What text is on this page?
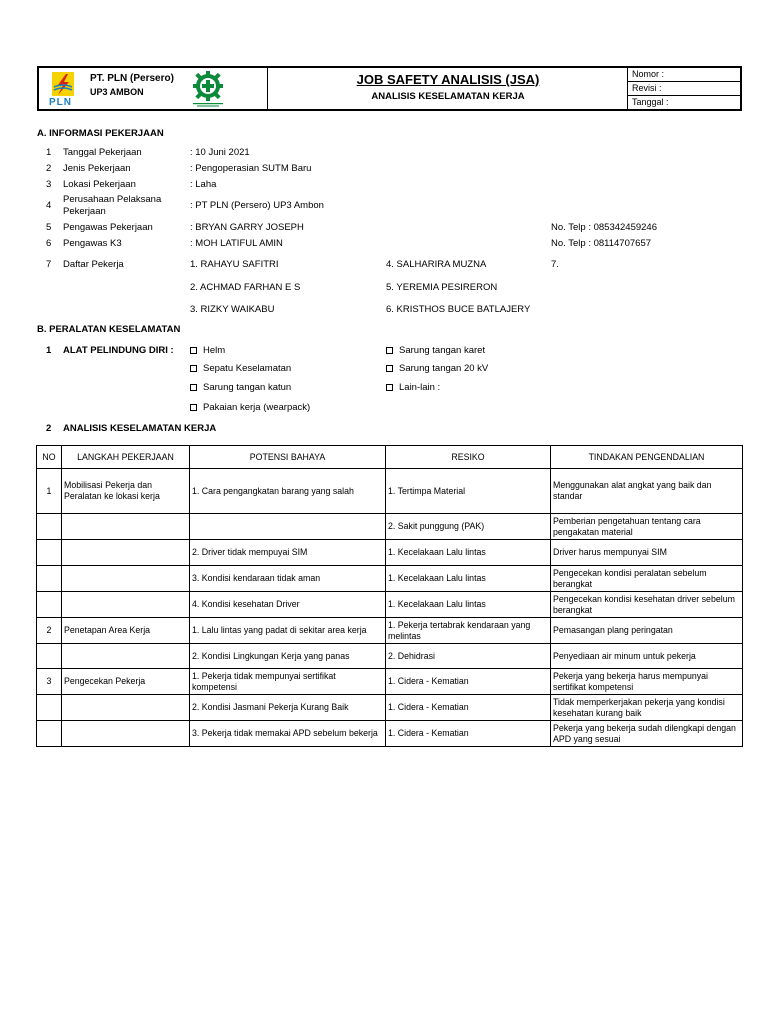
PLN
PT. PLN (Persero)
UP3 AMBON
JOB SAFETY ANALISIS (JSA)
ANALISIS KESELAMATAN KERJA
Nomor :
Revisi :
Tanggal :
A. INFORMASI PEKERJAAN
1 Tanggal Pekerjaan	: 10 Juni 2021
2 Jenis Pekerjaan	: Pengoperasian SUTM Baru
3 Lokasi Pekerjaan	: Laha
4
Perusahaan Pelaksana Pekerjaan
: PT PLN (Persero) UP3 Ambon
5 Pengawas Pekerjaan	: BRYAN GARRY JOSEPH	No. Telp : 085342459246
6 Pengawas K3	: MOH LATIFUL AMIN	No. Telp : 08114707657
7 Daftar Pekerja	1. RAHAYU SAFITRI
2. ACHMAD FARHAN E S
3. RIZKY WAIKABU
4. SALHARIRA MUZNA
5. YEREMIA PESIRERON
6. KRISTHOS BUCE BATLAJERY
7.
B. PERALATAN KESELAMATAN
1 ALAT PELINDUNG DIRI :	Helm
Sepatu Keselamatan
Sarung tangan katun
Pakaian kerja (wearpack)
Sarung tangan karet
Sarung tangan 20 kV
Lain-lain :
2 ANALISIS KESELAMATAN KERJA
NO	LANGKAH PEKERJAAN	POTENSI BAHAYA	RESIKO	TINDAKAN PENGENDALIAN
1	Mobilisasi Pekerja dan Peralatan ke lokasi kerja	1. Cara pengangkatan barang yang salah	1. Tertimpa Material	Menggunakan alat angkat yang baik dan standar
			2. Sakit punggung (PAK)	Pemberian pengetahuan tentang cara pengakatan material
		2. Driver tidak mempuyai SIM	1. Kecelakaan Lalu lintas	Driver harus mempunyai SIM
		3. Kondisi kendaraan tidak aman	1. Kecelakaan Lalu lintas	Pengecekan kondisi peralatan sebelum berangkat
		4. Kondisi kesehatan Driver	1. Kecelakaan Lalu lintas	Pengecekan kondisi kesehatan driver sebelum berangkat
2	Penetapan Area Kerja	1. Lalu lintas yang padat di sekitar area kerja	1. Pekerja tertabrak kendaraan yang melintas	Pemasangan plang peringatan
		2. Kondisi Lingkungan Kerja yang panas	2. Dehidrasi	Penyediaan air minum untuk pekerja
3	Pengecekan Pekerja	1. Pekerja tidak mempunyai sertifikat kompetensi	1. Cidera - Kematian	Pekerja yang bekerja harus mempunyai sertifikat kompetensi
		2. Kondisi Jasmani Pekerja Kurang Baik	1. Cidera - Kematian	Tidak memperkerjakan pekerja yang kondisi kesehatan kurang baik
		3. Pekerja tidak memakai APD sebelum bekerja	1. Cidera - Kematian	Pekerja yang bekerja sudah dilengkapi dengan APD yang sesuai
